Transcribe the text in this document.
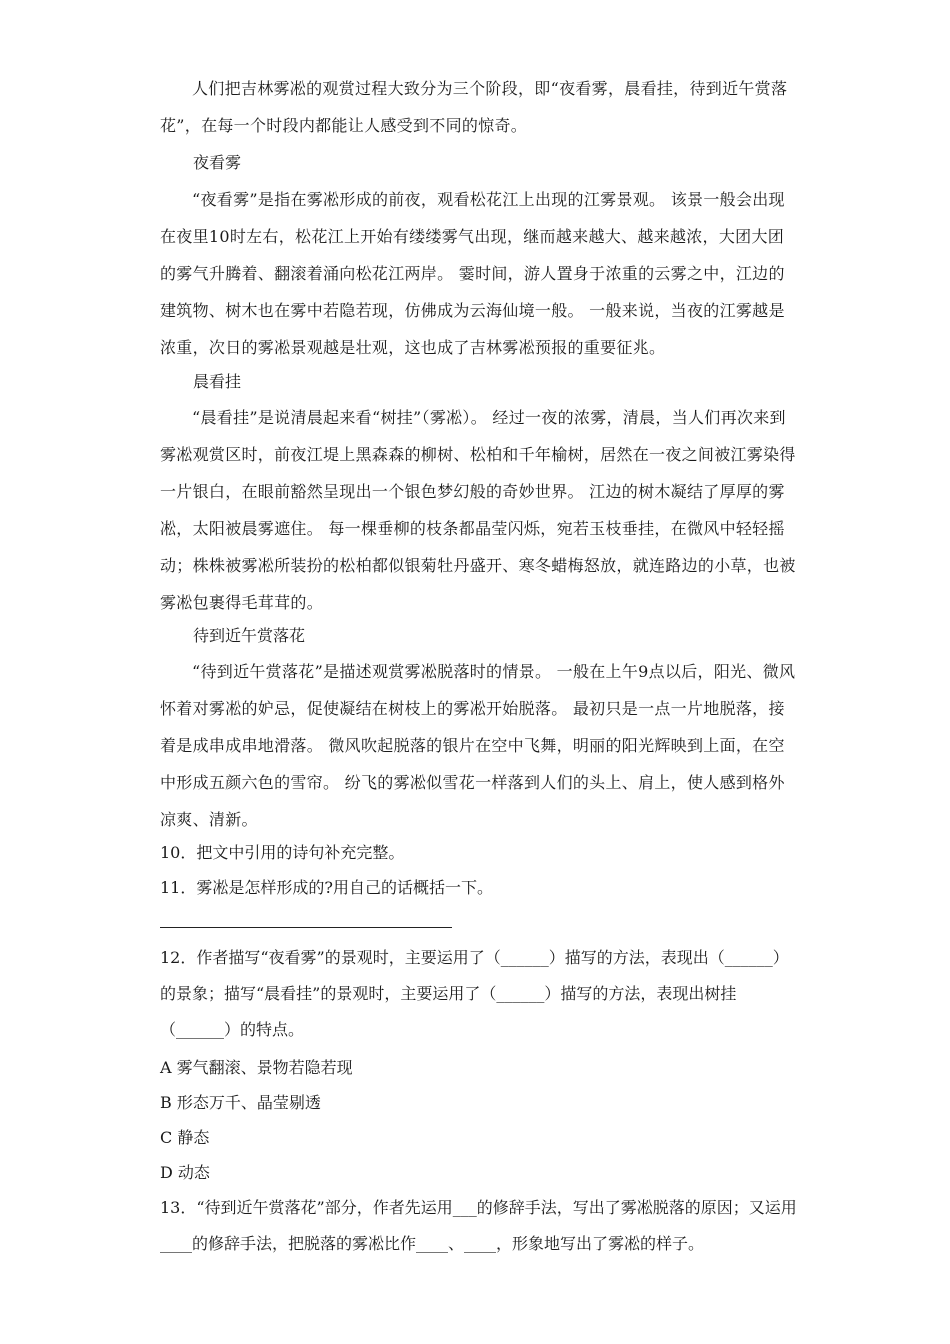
人们把吉林雾凇的观赏过程大致分为三个阶段，即“夜看雾，晨看挂，待到近午赏落花”，在每一个时段内都能让人感受到不同的惊奇。

夜看雾

“夜看雾”是指在雾凇形成的前夜，观看松花江上出现的江雾景观。 该景一般会出现在夜里10时左右，松花江上开始有缕缕雾气出现，继而越来越大、越来越浓，大团大团的雾气升腾着、翻滚着涌向松花江两岸。 霎时间，游人置身于浓重的云雾之中，江边的建筑物、树木也在雾中若隐若现，仿佛成为云海仙境一般。 一般来说，当夜的江雾越是浓重，次日的雾凇景观越是壮观，这也成了吉林雾凇预报的重要征兆。

晨看挂

“晨看挂”是说清晨起来看“树挂”（雾凇）。 经过一夜的浓雾，清晨，当人们再次来到雾凇观赏区时，前夜江堤上黑森森的柳树、松柏和千年榆树，居然在一夜之间被江雾染得一片银白，在眼前豁然呈现出一个银色梦幻般的奇妙世界。 江边的树木凝结了厚厚的雾凇，太阳被晨雾遮住。 每一棵垂柳的枝条都晶莹闪烁，宛若玉枝垂挂，在微风中轻轻摇动；株株被雾凇所装扮的松柏都似银菊牡丹盛开、寒冬蜡梅怒放，就连路边的小草，也被雾凇包裹得毛茸茸的。

待到近午赏落花

“待到近午赏落花”是描述观赏雾凇脱落时的情景。 一般在上午9点以后，阳光、微风怀着对雾凇的妒忌，促使凝结在树枝上的雾凇开始脱落。 最初只是一点一片地脱落，接着是成串成串地滑落。 微风吹起脱落的银片在空中飞舞，明丽的阳光辉映到上面，在空中形成五颜六色的雪帘。 纷飞的雾凇似雪花一样落到人们的头上、肩上，使人感到格外凉爽、清新。

10．把文中引用的诗句补充完整。

11．雾凇是怎样形成的?用自己的话概括一下。

12．作者描写“夜看雾”的景观时，主要运用了（______）描写的方法，表现出（______）的景象；描写“晨看挂”的景观时，主要运用了（______）描写的方法，表现出树挂（______）的特点。

A 雾气翻滚、景物若隐若现

B 形态万千、晶莹剔透

C 静态

D 动态

13．“待到近午赏落花”部分，作者先运用___的修辞手法，写出了雾凇脱落的原因；又运用____的修辞手法，把脱落的雾凇比作____、____，形象地写出了雾凇的样子。
